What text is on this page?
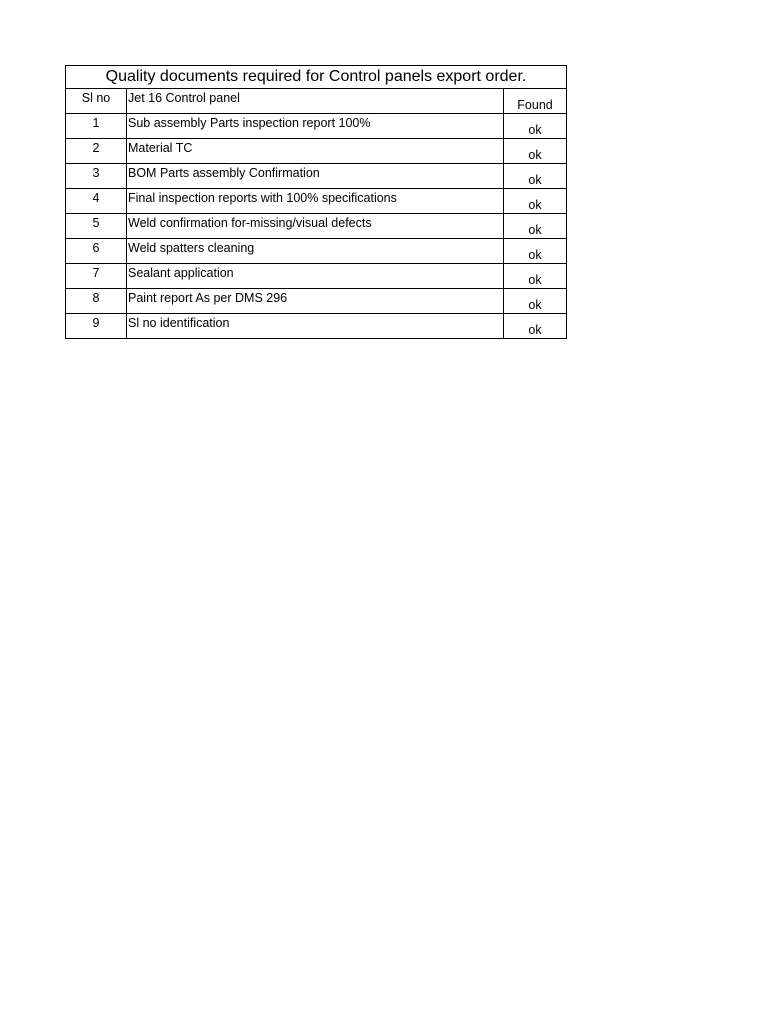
Quality documents required for Control panels export order.		
Sl no	Jet 16 Control panel	Found
1	Sub assembly Parts inspection report 100%	ok
2	Material TC	ok
3	BOM Parts assembly Confirmation	ok
4	Final inspection reports with 100% specifications	ok
5	Weld confirmation for-missing/visual defects	ok
6	Weld spatters cleaning	ok
7	Sealant application	ok
8	Paint report As per DMS 296	ok
9	Sl no identification	ok
